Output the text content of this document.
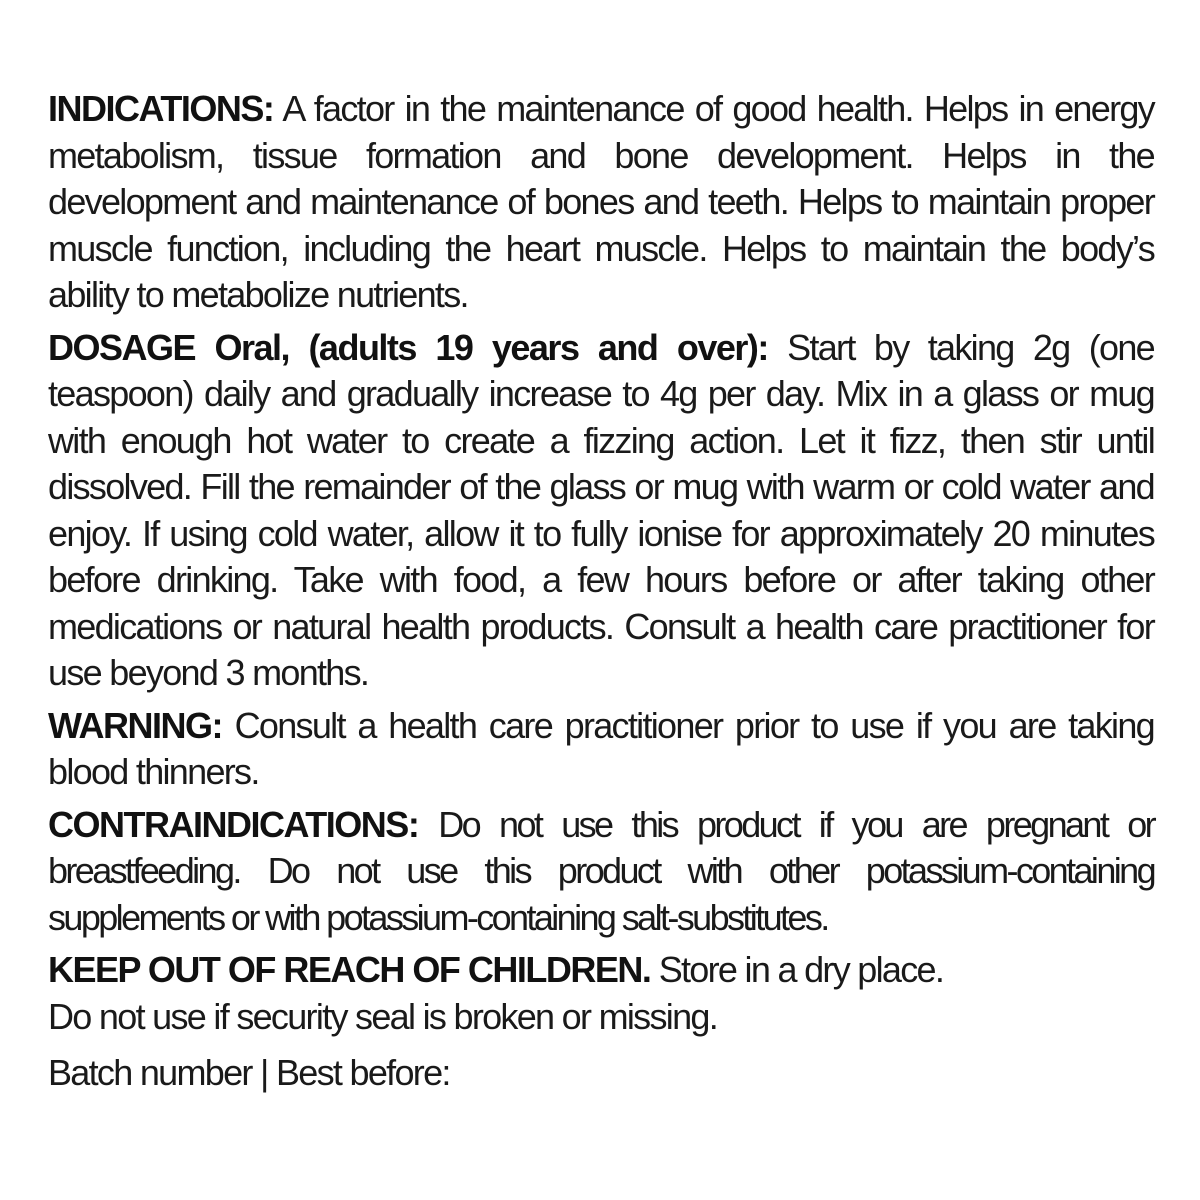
INDICATIONS: A factor in the maintenance of good health. Helps in energy metabolism, tissue formation and bone development. Helps in the development and maintenance of bones and teeth. Helps to maintain proper muscle function, including the heart muscle. Helps to maintain the body’s ability to metabolize nutrients.

DOSAGE Oral, (adults 19 years and over): Start by taking 2g (one teaspoon) daily and gradually increase to 4g per day. Mix in a glass or mug with enough hot water to create a fizzing action. Let it fizz, then stir until dissolved. Fill the remainder of the glass or mug with warm or cold water and enjoy. If using cold water, allow it to fully ionise for approximately 20 minutes before drinking. Take with food, a few hours before or after taking other medications or natural health products. Consult a health care practitioner for use beyond 3 months.

WARNING: Consult a health care practitioner prior to use if you are taking blood thinners.

CONTRAINDICATIONS: Do not use this product if you are pregnant or breastfeeding. Do not use this product with other potassium-containing supplements or with potassium-containing salt-substitutes.

KEEP OUT OF REACH OF CHILDREN. Store in a dry place.
Do not use if security seal is broken or missing.

Batch number | Best before:
